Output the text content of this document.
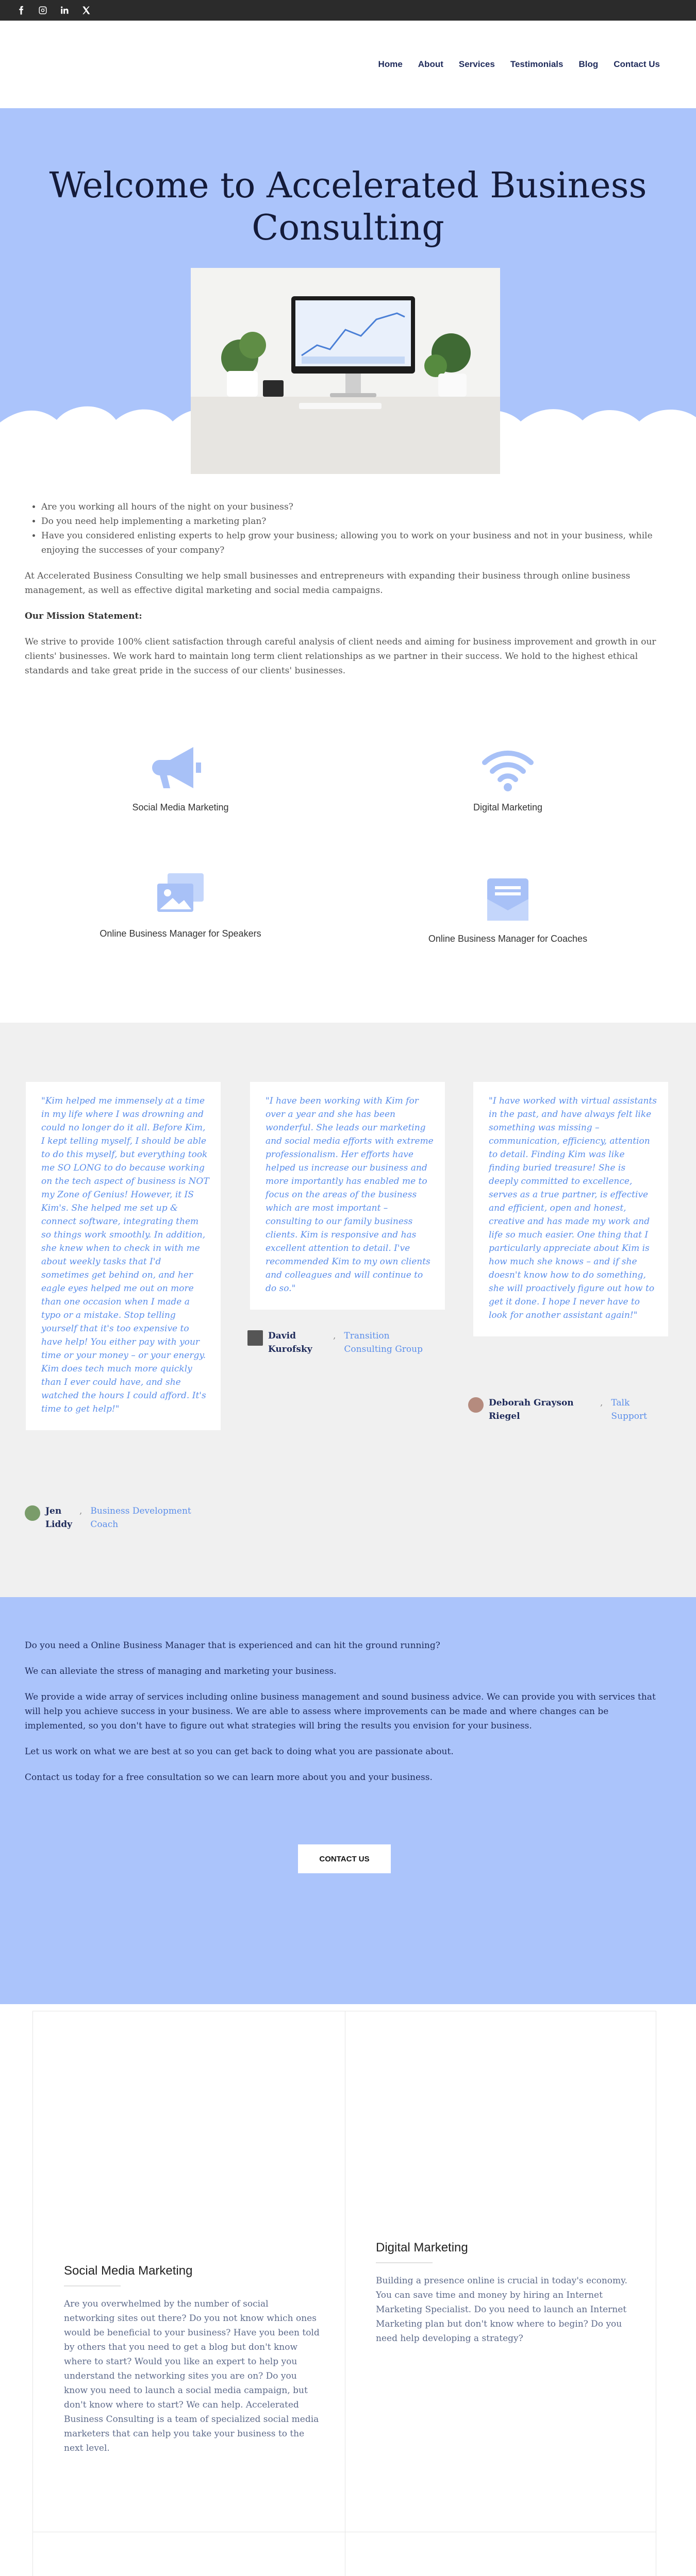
Home About Services Testimonials Blog Contact Us
Welcome to Accelerated Business
Consulting
• Are you working all hours of the night on your business?
• Do you need help implementing a marketing plan?
• Have you considered enlisting experts to help grow your business; allowing you to work on your business and not in your business, while enjoying the successes of your company?

At Accelerated Business Consulting we help small businesses and entrepreneurs with expanding their business through online business management, as well as effective digital marketing and social media campaigns.

Our Mission Statement:

We strive to provide 100% client satisfaction through careful analysis of client needs and aiming for business improvement and growth in our clients' businesses. We work hard to maintain long term client relationships as we partner in their success. We hold to the highest ethical standards and take great pride in the success of our clients' businesses.

Social Media Marketing	Digital Marketing
Online Business Manager for Speakers	Online Business Manager for Coaches
"Kim helped me immensely at a time in my life where I was drowning and could no longer do it all. Before Kim, I kept telling myself, I should be able to do this myself, but everything took me SO LONG to do because working on the tech aspect of business is NOT my Zone of Genius! However, it IS Kim's. She helped me set up & connect software, integrating them so things work smoothly. In addition, she knew when to check in with me about weekly tasks that I'd sometimes get behind on, and her eagle eyes helped me out on more than one occasion when I made a typo or a mistake. Stop telling yourself that it's too expensive to have help! You either pay with your time or your money – or your energy. Kim does tech much more quickly than I ever could have, and she watched the hours I could afford. It's time to get help!"
Jen
Liddy
, Business Development
Coach
"I have been working with Kim for over a year and she has been wonderful. She leads our marketing and social media efforts with extreme professionalism. Her efforts have helped us increase our business and more importantly has enabled me to focus on the areas of the business which are most important – consulting to our family business clients. Kim is responsive and has excellent attention to detail. I've recommended Kim to my own clients and colleagues and will continue to do so."
David
Kurofsky
, Transition
Consulting Group
"I have worked with virtual assistants in the past, and have always felt like something was missing – communication, efficiency, attention to detail. Finding Kim was like finding buried treasure! She is deeply committed to excellence, serves as a true partner, is effective and efficient, open and honest, creative and has made my work and life so much easier. One thing that I particularly appreciate about Kim is how much she knows – and if she doesn't know how to do something, she will proactively figure out how to get it done. I hope I never have to look for another assistant again!"
Deborah Grayson
Riegel
, Talk
Support

Do you need a Online Business Manager that is experienced and can hit the ground running?

We can alleviate the stress of managing and marketing your business.

We provide a wide array of services including online business management and sound business advice. We can provide you with services that will help you achieve success in your business. We are able to assess where improvements can be made and where changes can be implemented, so you don't have to figure out what strategies will bring the results you envision for your business.

Let us work on what we are best at so you can get back to doing what you are passionate about.

Contact us today for a free consultation so we can learn more about you and your business.

CONTACT US
Social Media Marketing

Are you overwhelmed by the number of social networking sites out there? Do you not know which ones would be beneficial to your business? Have you been told by others that you need to get a blog but don't know where to start? Would you like an expert to help you understand the networking sites you are on? Do you know you need to launch a social media campaign, but don't know where to start? We can help. Accelerated Business Consulting is a team of specialized social media marketers that can help you take your business to the next level.

Digital Marketing

Building a presence online is crucial in today's economy. You can save time and money by hiring an Internet Marketing Specialist. Do you need to launch an Internet Marketing plan but don't know where to begin? Do you need help developing a strategy?
